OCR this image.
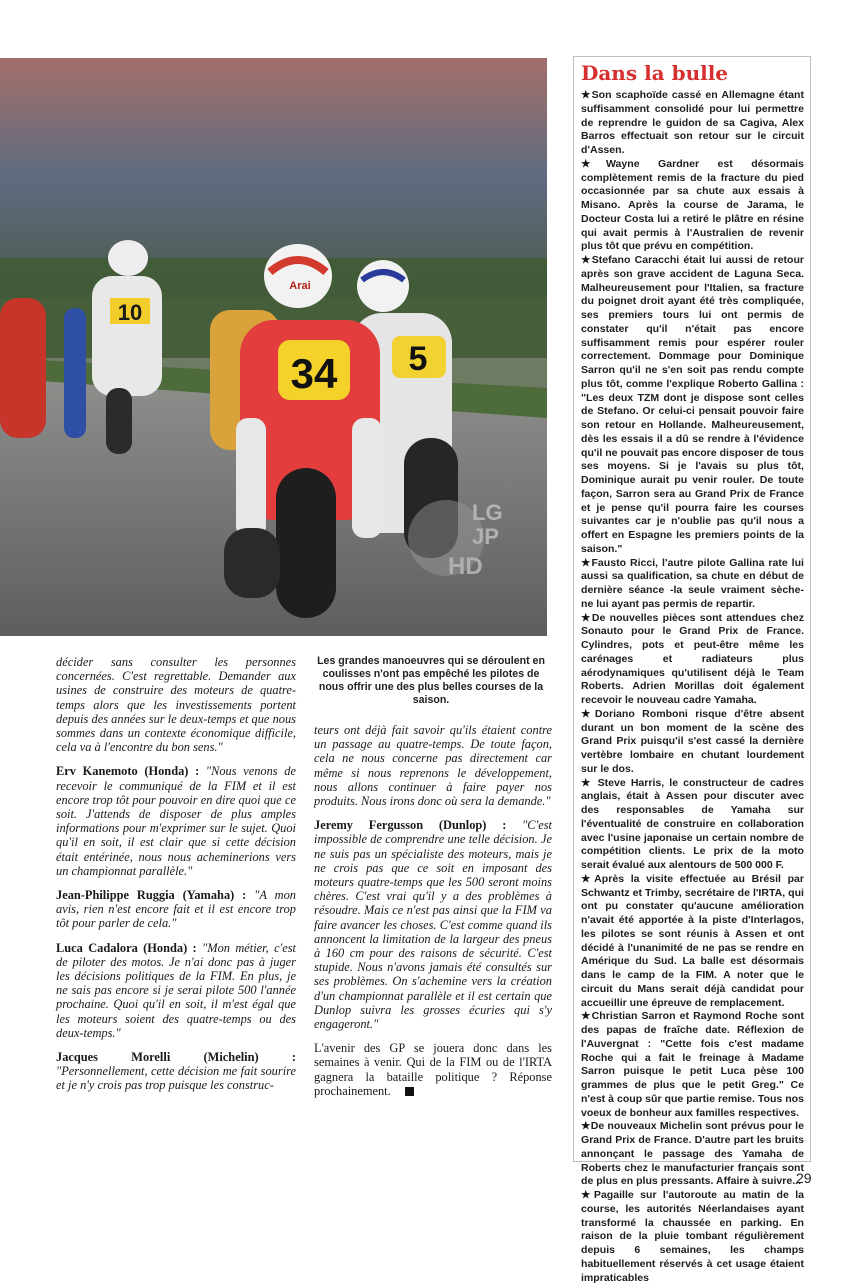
10
5
Arai
34
LG
JP
HD

décider sans consulter les personnes concernées. C'est regrettable. Demander aux usines de construire des moteurs de quatre-temps alors que les investissements portent depuis des années sur le deux-temps et que nous sommes dans un contexte économique difficile, cela va à l'encontre du bon sens."

Erv Kanemoto (Honda) : "Nous venons de recevoir le communiqué de la FIM et il est encore trop tôt pour pouvoir en dire quoi que ce soit. J'attends de disposer de plus amples informations pour m'exprimer sur le sujet. Quoi qu'il en soit, il est clair que si cette décision était entérinée, nous nous acheminerions vers un championnat parallèle."

Jean-Philippe Ruggia (Yamaha) : "A mon avis, rien n'est encore fait et il est encore trop tôt pour parler de cela."

Luca Cadalora (Honda) : "Mon métier, c'est de piloter des motos. Je n'ai donc pas à juger les décisions politiques de la FIM. En plus, je ne sais pas encore si je serai pilote 500 l'année prochaine. Quoi qu'il en soit, il m'est égal que les moteurs soient des quatre-temps ou des deux-temps."

Jacques Morelli (Michelin) : "Personnellement, cette décision me fait sourire et je n'y crois pas trop puisque les construc-

Les grandes manoeuvres qui se déroulent en coulisses n'ont pas empêché les pilotes de nous offrir une des plus belles courses de la saison.

teurs ont déjà fait savoir qu'ils étaient contre un passage au quatre-temps. De toute façon, cela ne nous concerne pas directement car même si nous reprenons le développement, nous allons continuer à faire payer nos produits. Nous irons donc où sera la demande."

Jeremy Fergusson (Dunlop) : "C'est impossible de comprendre une telle décision. Je ne suis pas un spécialiste des moteurs, mais je ne crois pas que ce soit en imposant des moteurs quatre-temps que les 500 seront moins chères. C'est vrai qu'il y a des problèmes à résoudre. Mais ce n'est pas ainsi que la FIM va faire avancer les choses. C'est comme quand ils annoncent la limitation de la largeur des pneus à 160 cm pour des raisons de sécurité. C'est stupide. Nous n'avons jamais été consultés sur ses problèmes. On s'achemine vers la création d'un championnat parallèle et il est certain que Dunlop suivra les grosses écuries qui s'y engageront."

L'avenir des GP se jouera donc dans les semaines à venir. Qui de la FIM ou de l'IRTA gagnera la bataille politique ? Réponse prochainement.

Dans la bulle

★Son scaphoïde cassé en Allemagne étant suffisamment consolidé pour lui permettre de reprendre le guidon de sa Cagiva, Alex Barros effectuait son retour sur le circuit d'Assen.

★Wayne Gardner est désormais complètement remis de la fracture du pied occasionnée par sa chute aux essais à Misano. Après la course de Jarama, le Docteur Costa lui a retiré le plâtre en résine qui avait permis à l'Australien de revenir plus tôt que prévu en compétition.

★Stefano Caracchi était lui aussi de retour après son grave accident de Laguna Seca. Malheureusement pour l'Italien, sa fracture du poignet droit ayant été très compliquée, ses premiers tours lui ont permis de constater qu'il n'était pas encore suffisamment remis pour espérer rouler correctement. Dommage pour Dominique Sarron qu'il ne s'en soit pas rendu compte plus tôt, comme l'explique Roberto Gallina : "Les deux TZM dont je dispose sont celles de Stefano. Or celui-ci pensait pouvoir faire son retour en Hollande. Malheureusement, dès les essais il a dû se rendre à l'évidence qu'il ne pouvait pas encore disposer de tous ses moyens. Si je l'avais su plus tôt, Dominique aurait pu venir rouler. De toute façon, Sarron sera au Grand Prix de France et je pense qu'il pourra faire les courses suivantes car je n'oublie pas qu'il nous a offert en Espagne les premiers points de la saison."

★Fausto Ricci, l'autre pilote Gallina rate lui aussi sa qualification, sa chute en début de dernière séance -la seule vraiment sèche- ne lui ayant pas permis de repartir.

★De nouvelles pièces sont attendues chez Sonauto pour le Grand Prix de France. Cylindres, pots et peut-être même les carénages et radiateurs plus aérodynamiques qu'utilisent déjà le Team Roberts. Adrien Morillas doit également recevoir le nouveau cadre Yamaha.

★Doriano Romboni risque d'être absent durant un bon moment de la scène des Grand Prix puisqu'il s'est cassé la dernière vertèbre lombaire en chutant lourdement sur le dos.

★ Steve Harris, le constructeur de cadres anglais, était à Assen pour discuter avec des responsables de Yamaha sur l'éventualité de construire en collaboration avec l'usine japonaise un certain nombre de compétition clients. Le prix de la moto serait évalué aux alentours de 500 000 F.

★Après la visite effectuée au Brésil par Schwantz et Trimby, secrétaire de l'IRTA, qui ont pu constater qu'aucune amélioration n'avait été apportée à la piste d'Interlagos, les pilotes se sont réunis à Assen et ont décidé à l'unanimité de ne pas se rendre en Amérique du Sud. La balle est désormais dans le camp de la FIM. A noter que le circuit du Mans serait déjà candidat pour accueillir une épreuve de remplacement.

★Christian Sarron et Raymond Roche sont des papas de fraîche date. Réflexion de l'Auvergnat : "Cette fois c'est madame Roche qui a fait le freinage à Madame Sarron puisque le petit Luca pèse 100 grammes de plus que le petit Greg." Ce n'est à coup sûr que partie remise. Tous nos voeux de bonheur aux familles respectives.

★De nouveaux Michelin sont prévus pour le Grand Prix de France. D'autre part les bruits annonçant le passage des Yamaha de Roberts chez le manufacturier français sont de plus en plus pressants. Affaire à suivre...

★Pagaille sur l'autoroute au matin de la course, les autorités Néerlandaises ayant transformé la chaussée en parking. En raison de la pluie tombant régulièrement depuis 6 semaines, les champs habituellement réservés à cet usage étaient impraticables

29
